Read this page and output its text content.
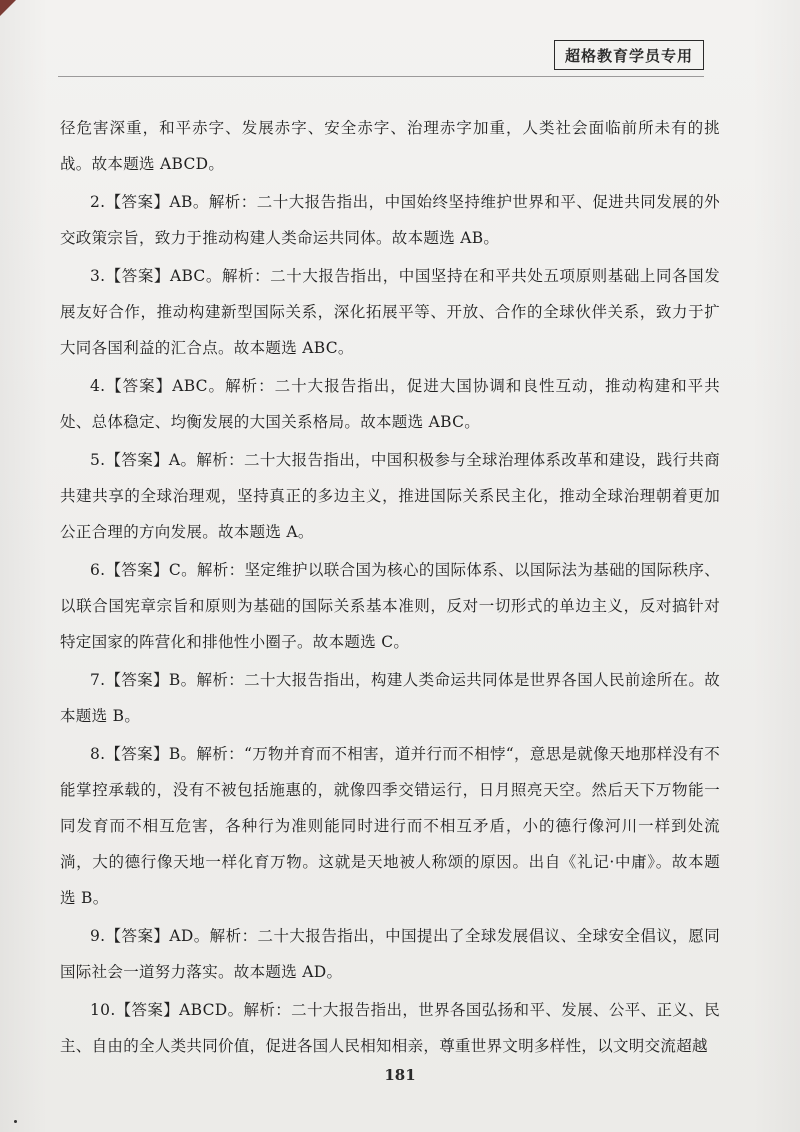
超格教育学员专用

径危害深重，和平赤字、发展赤字、安全赤字、治理赤字加重，人类社会面临前所未有的挑战。故本题选 ABCD。

2.【答案】AB。解析：二十大报告指出，中国始终坚持维护世界和平、促进共同发展的外交政策宗旨，致力于推动构建人类命运共同体。故本题选 AB。

3.【答案】ABC。解析：二十大报告指出，中国坚持在和平共处五项原则基础上同各国发展友好合作，推动构建新型国际关系，深化拓展平等、开放、合作的全球伙伴关系，致力于扩大同各国利益的汇合点。故本题选 ABC。

4.【答案】ABC。解析：二十大报告指出，促进大国协调和良性互动，推动构建和平共处、总体稳定、均衡发展的大国关系格局。故本题选 ABC。

5.【答案】A。解析：二十大报告指出，中国积极参与全球治理体系改革和建设，践行共商共建共享的全球治理观，坚持真正的多边主义，推进国际关系民主化，推动全球治理朝着更加公正合理的方向发展。故本题选 A。

6.【答案】C。解析：坚定维护以联合国为核心的国际体系、以国际法为基础的国际秩序、以联合国宪章宗旨和原则为基础的国际关系基本准则，反对一切形式的单边主义，反对搞针对特定国家的阵营化和排他性小圈子。故本题选 C。

7.【答案】B。解析：二十大报告指出，构建人类命运共同体是世界各国人民前途所在。故本题选 B。

8.【答案】B。解析：“万物并育而不相害，道并行而不相悖“，意思是就像天地那样没有不能掌控承载的，没有不被包括施惠的，就像四季交错运行，日月照亮天空。然后天下万物能一同发育而不相互危害，各种行为准则能同时进行而不相互矛盾，小的德行像河川一样到处流淌，大的德行像天地一样化育万物。这就是天地被人称颂的原因。出自《礼记·中庸》。故本题选 B。

9.【答案】AD。解析：二十大报告指出，中国提出了全球发展倡议、全球安全倡议，愿同国际社会一道努力落实。故本题选 AD。

10.【答案】ABCD。解析：二十大报告指出，世界各国弘扬和平、发展、公平、正义、民主、自由的全人类共同价值，促进各国人民相知相亲，尊重世界文明多样性，以文明交流超越

181
